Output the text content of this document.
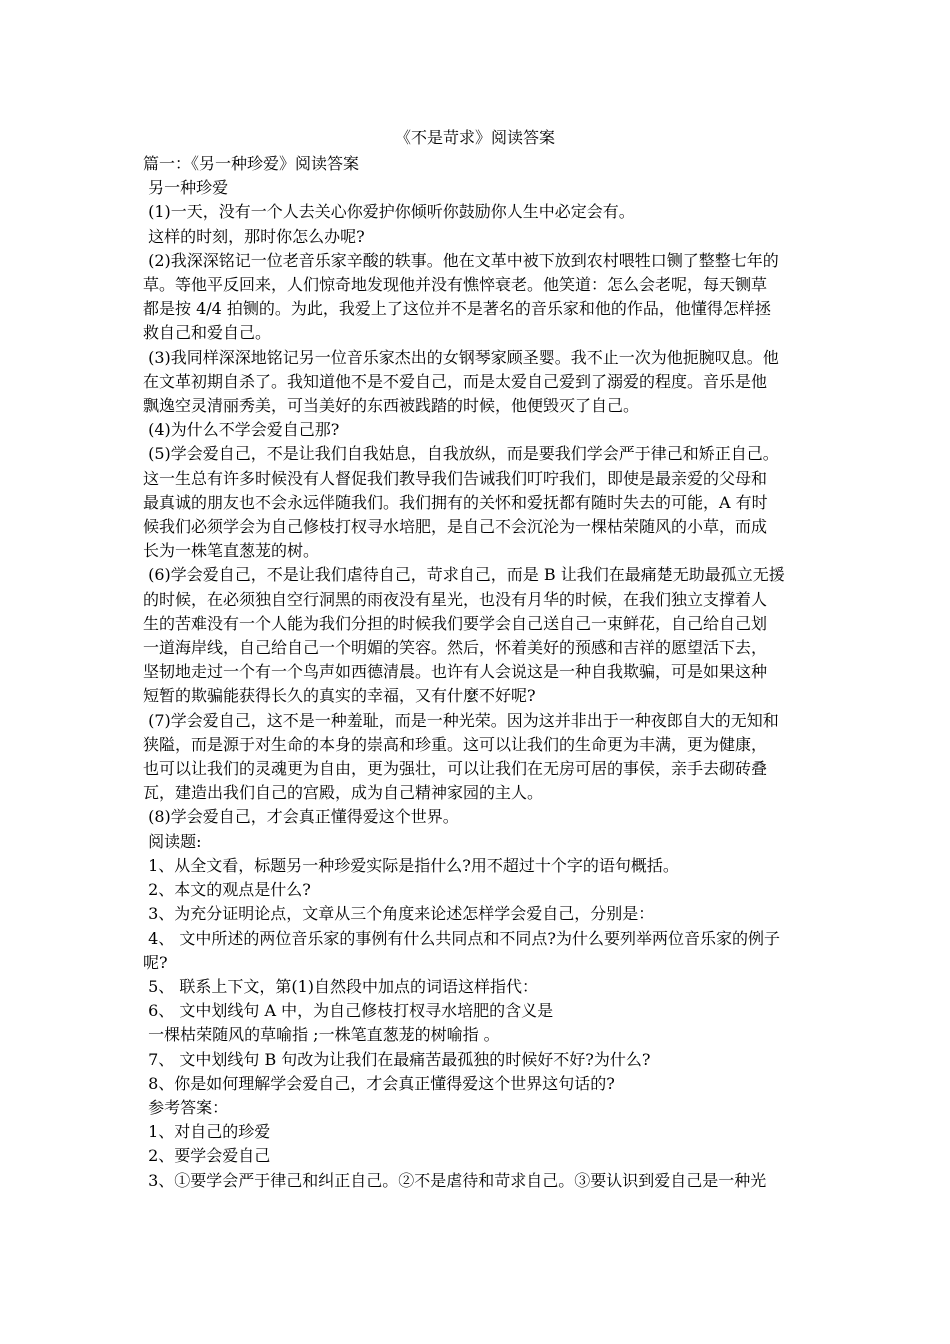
《不是苛求》阅读答案

篇一：《另一种珍爱》阅读答案

另一种珍爱

(1)一天，没有一个人去关心你爱护你倾听你鼓励你人生中必定会有。

这样的时刻，那时你怎么办呢?

(2)我深深铭记一位老音乐家辛酸的轶事。他在文革中被下放到农村喂牲口铡了整整七年的

草。等他平反回来，人们惊奇地发现他并没有憔悴衰老。他笑道：怎么会老呢，每天铡草

都是按 4/4 拍铡的。为此，我爱上了这位并不是著名的音乐家和他的作品，他懂得怎样拯

救自己和爱自己。

(3)我同样深深地铭记另一位音乐家杰出的女钢琴家顾圣婴。我不止一次为他扼腕叹息。他

在文革初期自杀了。我知道他不是不爱自己，而是太爱自己爱到了溺爱的程度。音乐是他

飘逸空灵清丽秀美，可当美好的东西被践踏的时候，他便毁灭了自己。

(4)为什么不学会爱自己那?

(5)学会爱自己，不是让我们自我姑息，自我放纵，而是要我们学会严于律己和矫正自己。

这一生总有许多时候没有人督促我们教导我们告诫我们叮咛我们，即使是最亲爱的父母和

最真诚的朋友也不会永远伴随我们。我们拥有的关怀和爱抚都有随时失去的可能，A 有时

候我们必须学会为自己修枝打杈寻水培肥，是自己不会沉沦为一棵枯荣随风的小草，而成

长为一株笔直葱茏的树。

(6)学会爱自己，不是让我们虐待自己，苛求自己，而是 B 让我们在最痛楚无助最孤立无援

的时候，在必须独自空行洞黑的雨夜没有星光，也没有月华的时候，在我们独立支撑着人

生的苦难没有一个人能为我们分担的时候我们要学会自己送自己一束鲜花，自己给自己划

一道海岸线，自己给自己一个明媚的笑容。然后，怀着美好的预感和吉祥的愿望活下去，

坚韧地走过一个有一个鸟声如西德清晨。也许有人会说这是一种自我欺骗，可是如果这种

短暂的欺骗能获得长久的真实的幸福，又有什麼不好呢?

(7)学会爱自己，这不是一种羞耻，而是一种光荣。因为这并非出于一种夜郎自大的无知和

狭隘，而是源于对生命的本身的崇高和珍重。这可以让我们的生命更为丰满，更为健康，

也可以让我们的灵魂更为自由，更为强壮，可以让我们在无房可居的事侯，亲手去砌砖叠

瓦，建造出我们自己的宫殿，成为自己精神家园的主人。

(8)学会爱自己，才会真正懂得爱这个世界。

阅读题:

1、从全文看，标题另一种珍爱实际是指什么?用不超过十个字的语句概括。

2、本文的观点是什么?

3、为充分证明论点，文章从三个角度来论述怎样学会爱自己，分别是：

4、 文中所述的两位音乐家的事例有什么共同点和不同点?为什么要列举两位音乐家的例子

呢?

5、 联系上下文，第(1)自然段中加点的词语这样指代：

6、 文中划线句 A 中，为自己修枝打杈寻水培肥的含义是

一棵枯荣随风的草喻指 ;一株笔直葱茏的树喻指 。

7、 文中划线句 B 句改为让我们在最痛苦最孤独的时候好不好?为什么?

8、你是如何理解学会爱自己，才会真正懂得爱这个世界这句话的?

参考答案：

1、对自己的珍爱

2、要学会爱自己

3、①要学会严于律己和纠正自己。②不是虐待和苛求自己。③要认识到爱自己是一种光
